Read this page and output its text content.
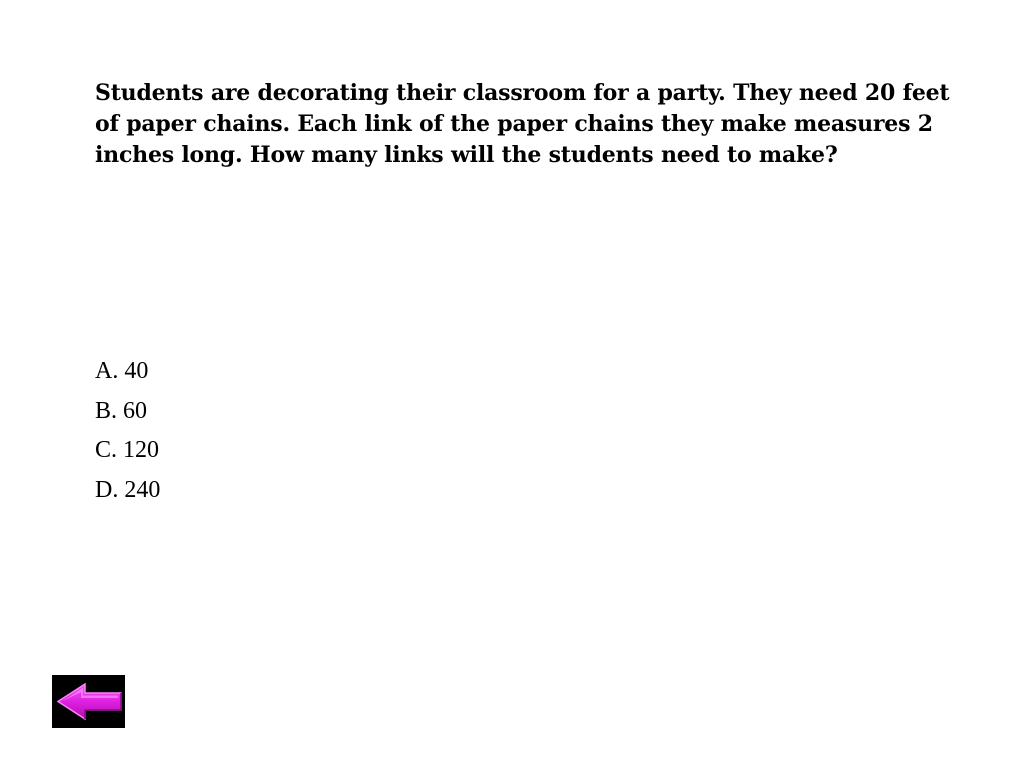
Students are decorating their classroom for a party. They need 20 feet of paper chains. Each link of the paper chains they make measures 2 inches long. How many links will the students need to make?

A. 40
B. 60
C. 120
D. 240
